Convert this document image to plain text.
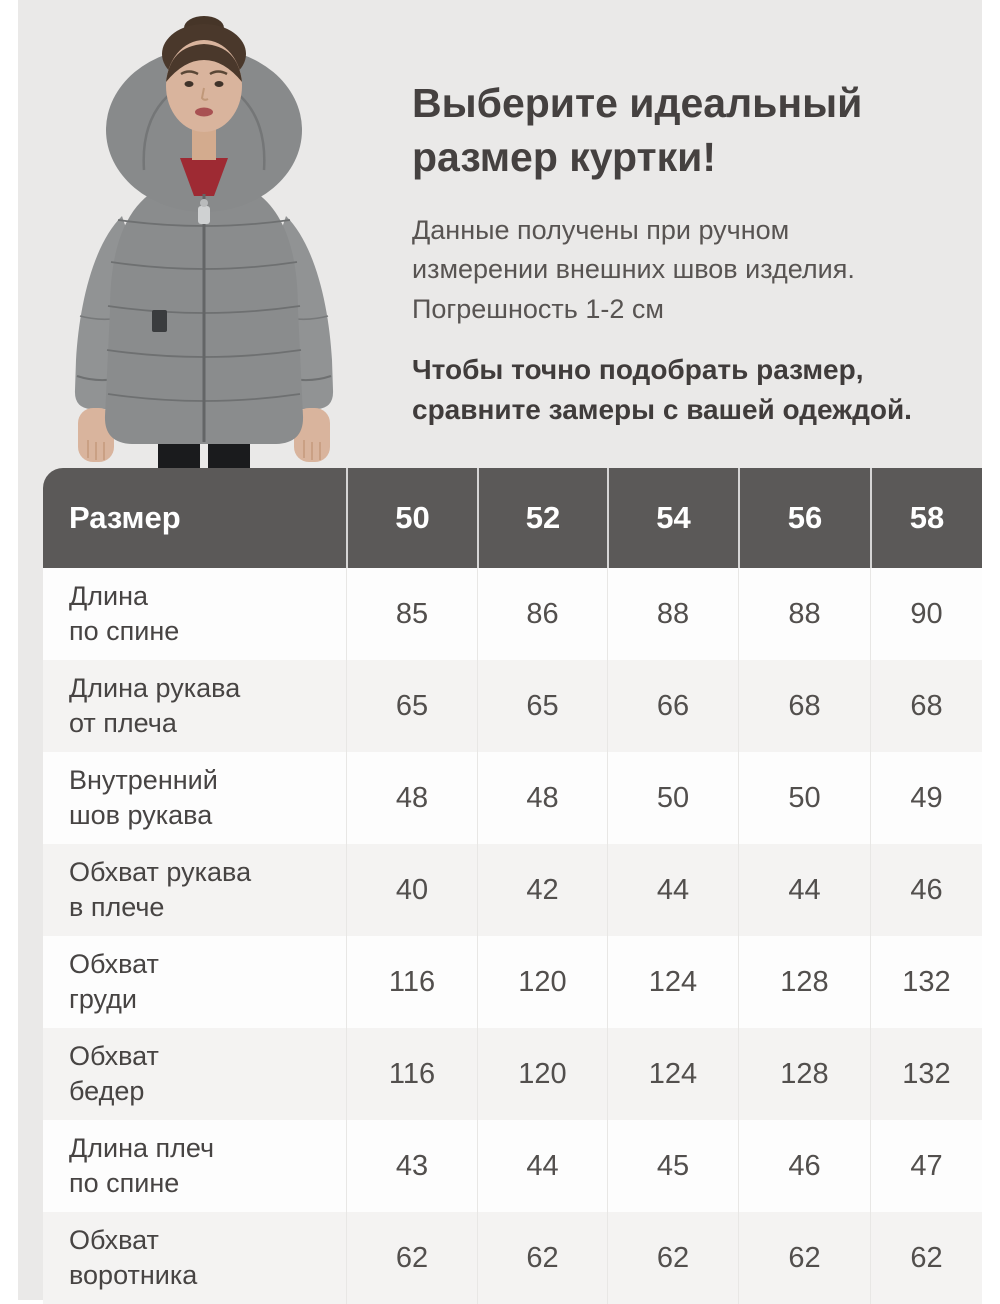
Выберите идеальный
размер куртки!

Данные получены при ручном измерении внешних швов изделия. Погрешность 1-2 см

Чтобы точно подобрать размер, сравните замеры с вашей одеждой.

Размер	50	52	54	56	58
Длина
по спине
85	86	88	88	90
Длина рукава
от плеча
65	65	66	68	68
Внутренний
шов рукава
48	48	50	50	49
Обхват рукава
в плече
40	42	44	44	46
Обхват
груди
116	120	124	128	132
Обхват
бедер
116	120	124	128	132
Длина плеч
по спине
43	44	45	46	47
Обхват
воротника
62	62	62	62	62
